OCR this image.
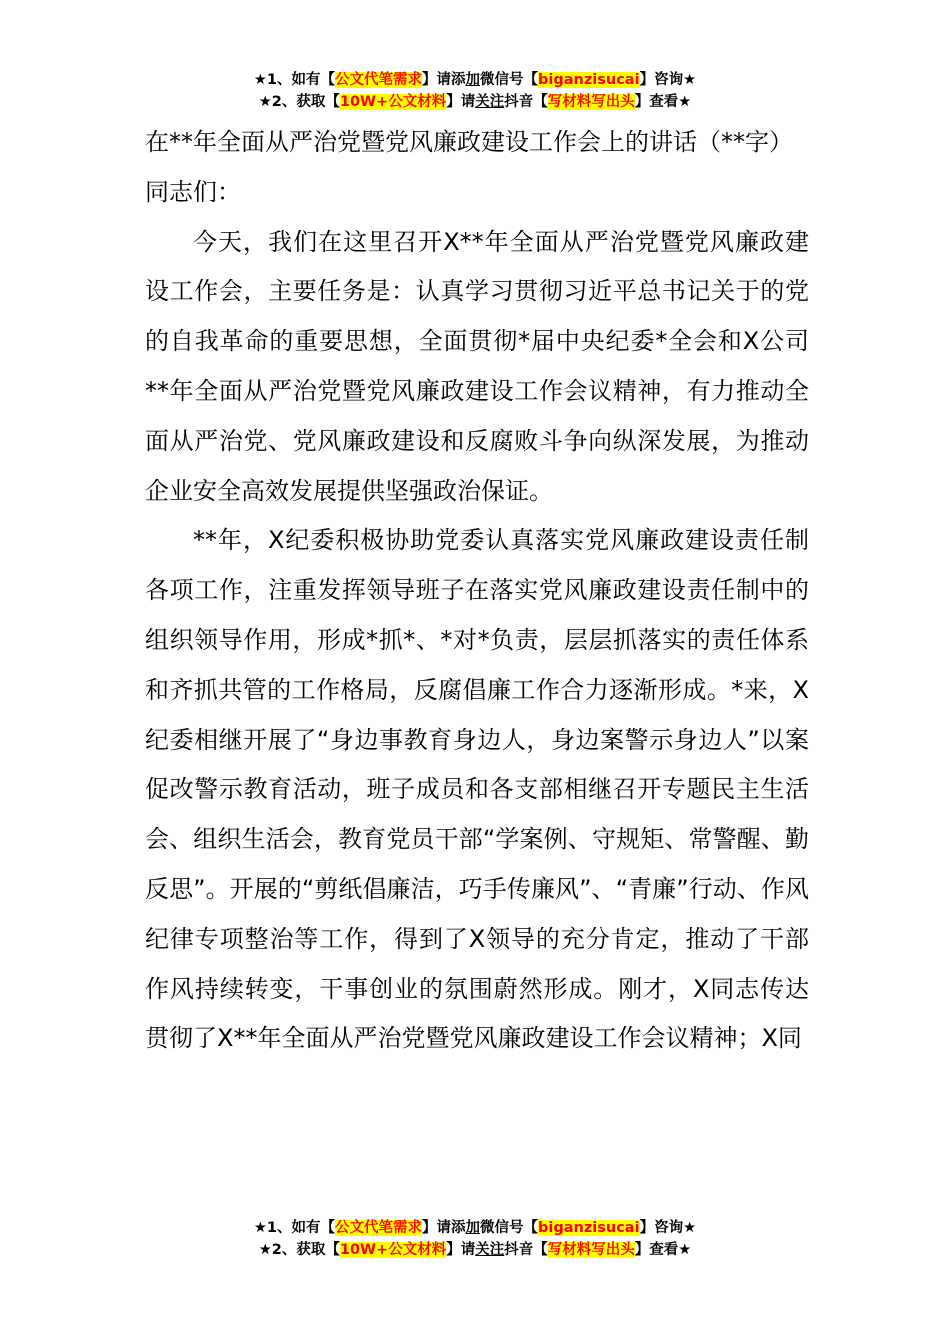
★1、如有【公文代笔需求】请添加微信号【biganzisucai】咨询★
★2、获取【10W+公文材料】请关注抖音【写材料写出头】查看★

在**年全面从严治党暨党风廉政建设工作会上的讲话（**字）

同志们：

今天，我们在这里召开X**年全面从严治党暨党风廉政建设工作会，主要任务是：认真学习贯彻习近平总书记关于的党的自我革命的重要思想，全面贯彻*届中央纪委*全会和X公司**年全面从严治党暨党风廉政建设工作会议精神，有力推动全面从严治党、党风廉政建设和反腐败斗争向纵深发展，为推动企业安全高效发展提供坚强政治保证。

**年，X纪委积极协助党委认真落实党风廉政建设责任制各项工作，注重发挥领导班子在落实党风廉政建设责任制中的组织领导作用，形成*抓*、*对*负责，层层抓落实的责任体系和齐抓共管的工作格局，反腐倡廉工作合力逐渐形成。*来，X纪委相继开展了“身边事教育身边人，身边案警示身边人”以案促改警示教育活动，班子成员和各支部相继召开专题民主生活会、组织生活会，教育党员干部“学案例、守规矩、常警醒、勤反思”。开展的“剪纸倡廉洁，巧手传廉风”、“青廉”行动、作风纪律专项整治等工作，得到了X领导的充分肯定，推动了干部作风持续转变，干事创业的氛围蔚然形成。刚才，X同志传达贯彻了X**年全面从严治党暨党风廉政建设工作会议精神；X同

★1、如有【公文代笔需求】请添加微信号【biganzisucai】咨询★
★2、获取【10W+公文材料】请关注抖音【写材料写出头】查看★
